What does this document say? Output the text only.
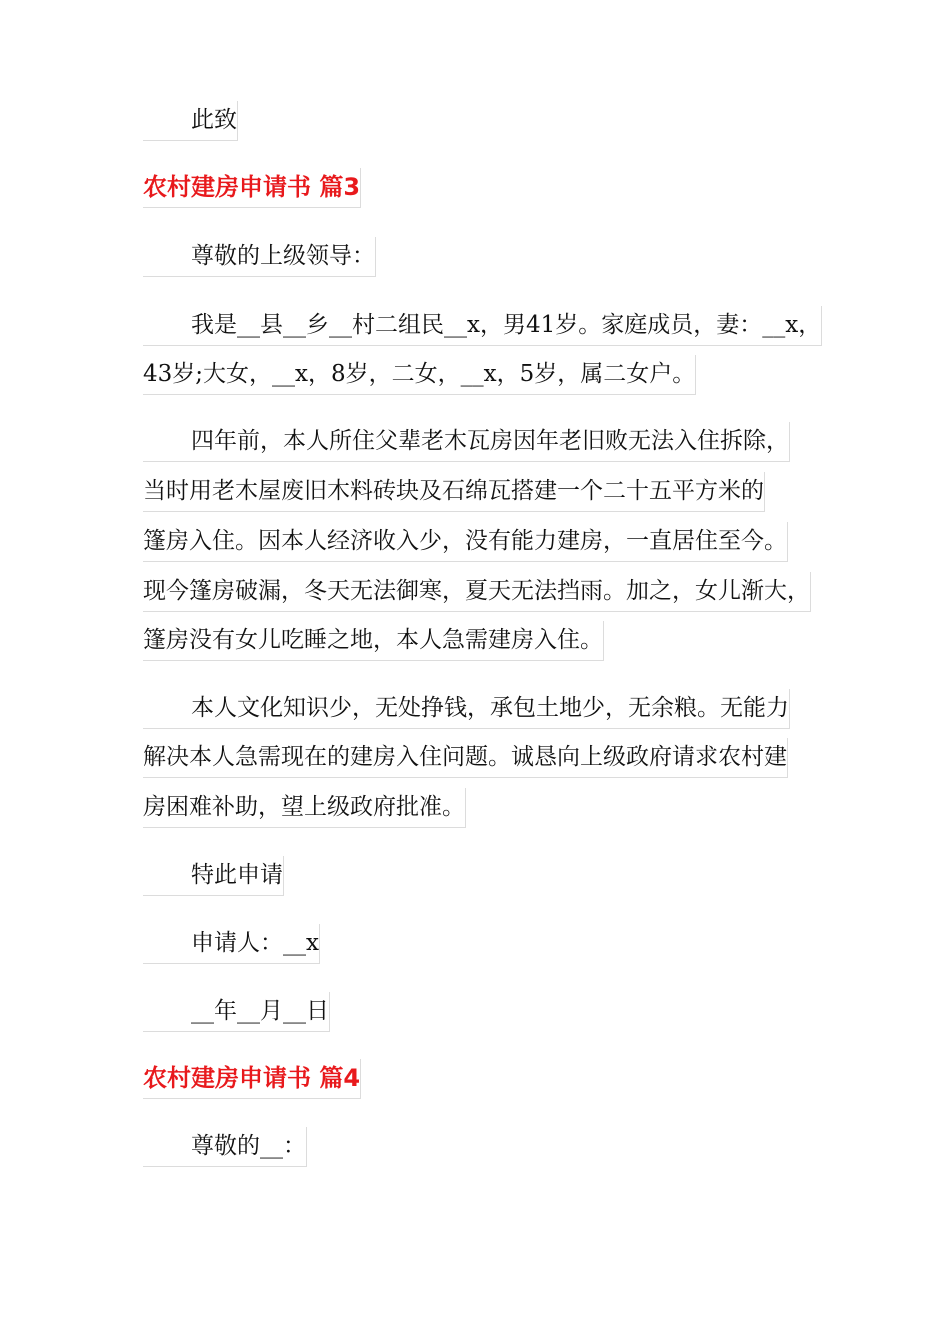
此致
农村建房申请书 篇3
尊敬的上级领导：
我是__县__乡__村二组民__x，男41岁。家庭成员，妻：__x，
43岁;大女，__x，8岁，二女，__x，5岁，属二女户。
四年前，本人所住父辈老木瓦房因年老旧败无法入住拆除，
当时用老木屋废旧木料砖块及石绵瓦搭建一个二十五平方米的
篷房入住。因本人经济收入少，没有能力建房，一直居住至今。
现今篷房破漏，冬天无法御寒，夏天无法挡雨。加之，女儿渐大，
篷房没有女儿吃睡之地，本人急需建房入住。
本人文化知识少，无处挣钱，承包土地少，无余粮。无能力
解决本人急需现在的建房入住问题。诚恳向上级政府请求农村建
房困难补助，望上级政府批准。
特此申请
申请人：__x
__年__月__日
农村建房申请书 篇4
尊敬的__：
